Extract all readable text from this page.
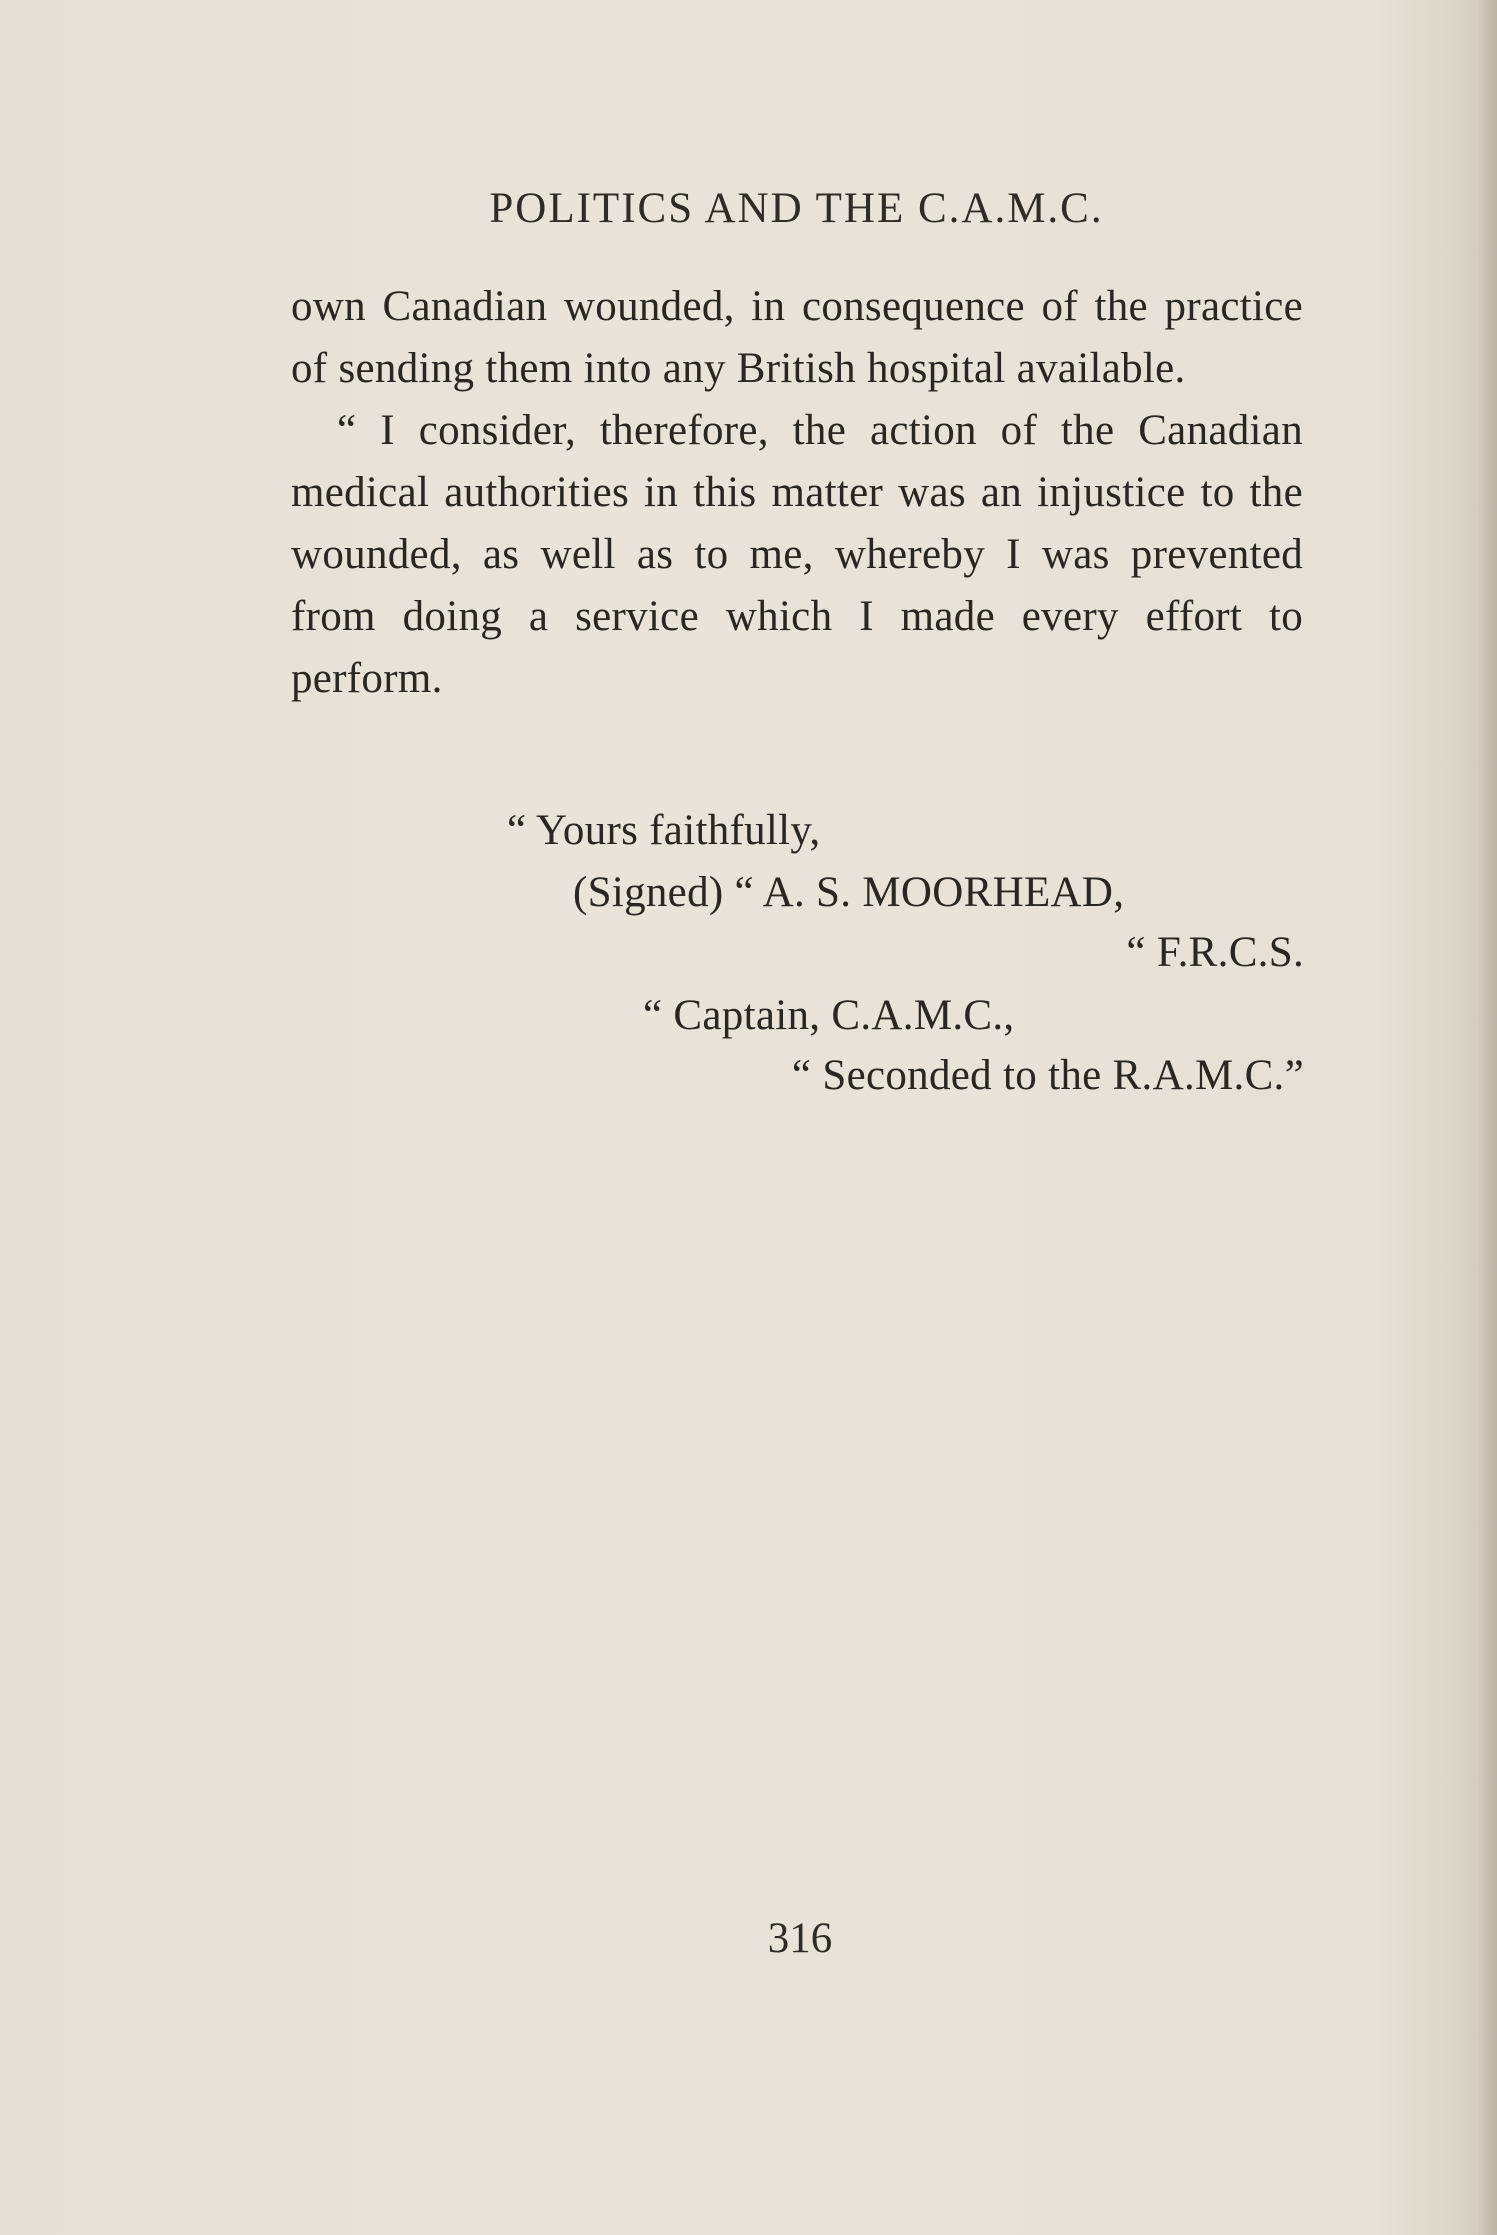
POLITICS AND THE C.A.M.C.

own Canadian wounded, in consequence of the practice of sending them into any British hospital available.

“ I consider, therefore, the action of the Canadian medical authorities in this matter was an injustice to the wounded, as well as to me, whereby I was prevented from doing a service which I made every effort to perform.

“ Yours faithfully,
(Signed) “ A. S. MOORHEAD,
“ F.R.C.S.
“ Captain, C.A.M.C.,
“ Seconded to the R.A.M.C.”
316
